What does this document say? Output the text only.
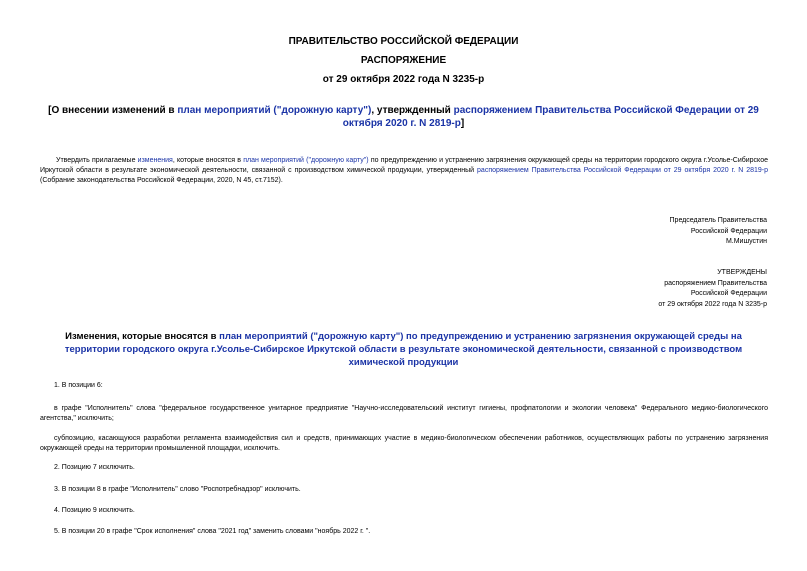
ПРАВИТЕЛЬСТВО РОССИЙСКОЙ ФЕДЕРАЦИИ
РАСПОРЯЖЕНИЕ
от 29 октября 2022 года N 3235-р
[О внесении изменений в план мероприятий ("дорожную карту"), утвержденный распоряжением Правительства Российской Федерации от 29 октября 2020 г. N 2819-р]
Утвердить прилагаемые изменения, которые вносятся в план мероприятий ("дорожную карту") по предупреждению и устранению загрязнения окружающей среды на территории городского округа г.Усолье-Сибирское Иркутской области в результате экономической деятельности, связанной с производством химической продукции, утвержденный распоряжением Правительства Российской Федерации от 29 октября 2020 г. N 2819-р (Собрание законодательства Российской Федерации, 2020, N 45, ст.7152).
Председатель Правительства
Российской Федерации
М.Мишустин
УТВЕРЖДЕНЫ
распоряжением Правительства
Российской Федерации
от 29 октября 2022 года N 3235-р
Изменения, которые вносятся в план мероприятий ("дорожную карту") по предупреждению и устранению загрязнения окружающей среды на территории городского округа г.Усолье-Сибирское Иркутской области в результате экономической деятельности, связанной с производством химической продукции
1. В позиции 6:
в графе "Исполнитель" слова "федеральное государственное унитарное предприятие "Научно-исследовательский институт гигиены, профпатологии и экологии человека" Федерального медико-биологического агентства," исключить;
субпозицию, касающуюся разработки регламента взаимодействия сил и средств, принимающих участие в медико-биологическом обеспечении работников, осуществляющих работы по устранению загрязнения окружающей среды на территории промышленной площадки, исключить.
2. Позицию 7 исключить.
3. В позиции 8 в графе "Исполнитель" слово "Роспотребнадзор" исключить.
4. Позицию 9 исключить.
5. В позиции 20 в графе "Срок исполнения" слова "2021 год" заменить словами "ноябрь 2022 г. ".
